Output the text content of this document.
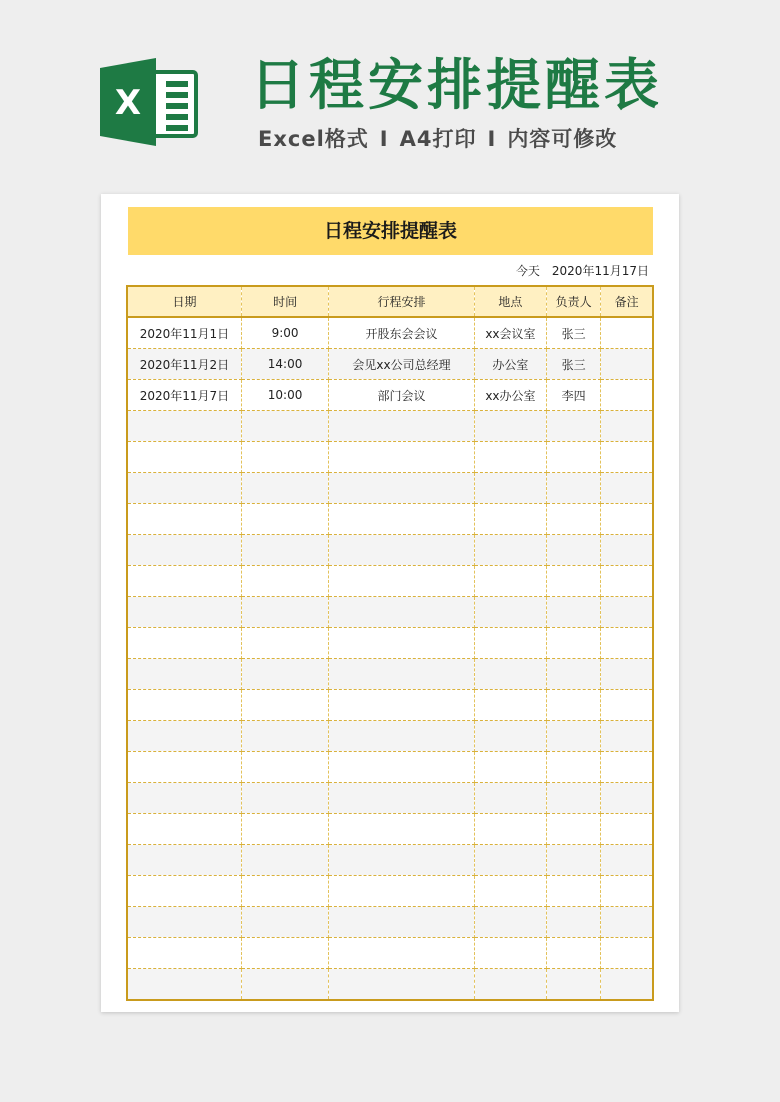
X 日程安排提醒表
Excel格式 I A4打印 I 内容可修改
日程安排提醒表
今天 2020年11月17日
日期	时间	行程安排	地点	负责人	备注
2020年11月1日	9:00	开股东会会议	xx会议室	张三	
2020年11月2日	14:00	会见xx公司总经理	办公室	张三	
2020年11月7日	10:00	部门会议	xx办公室	李四	
